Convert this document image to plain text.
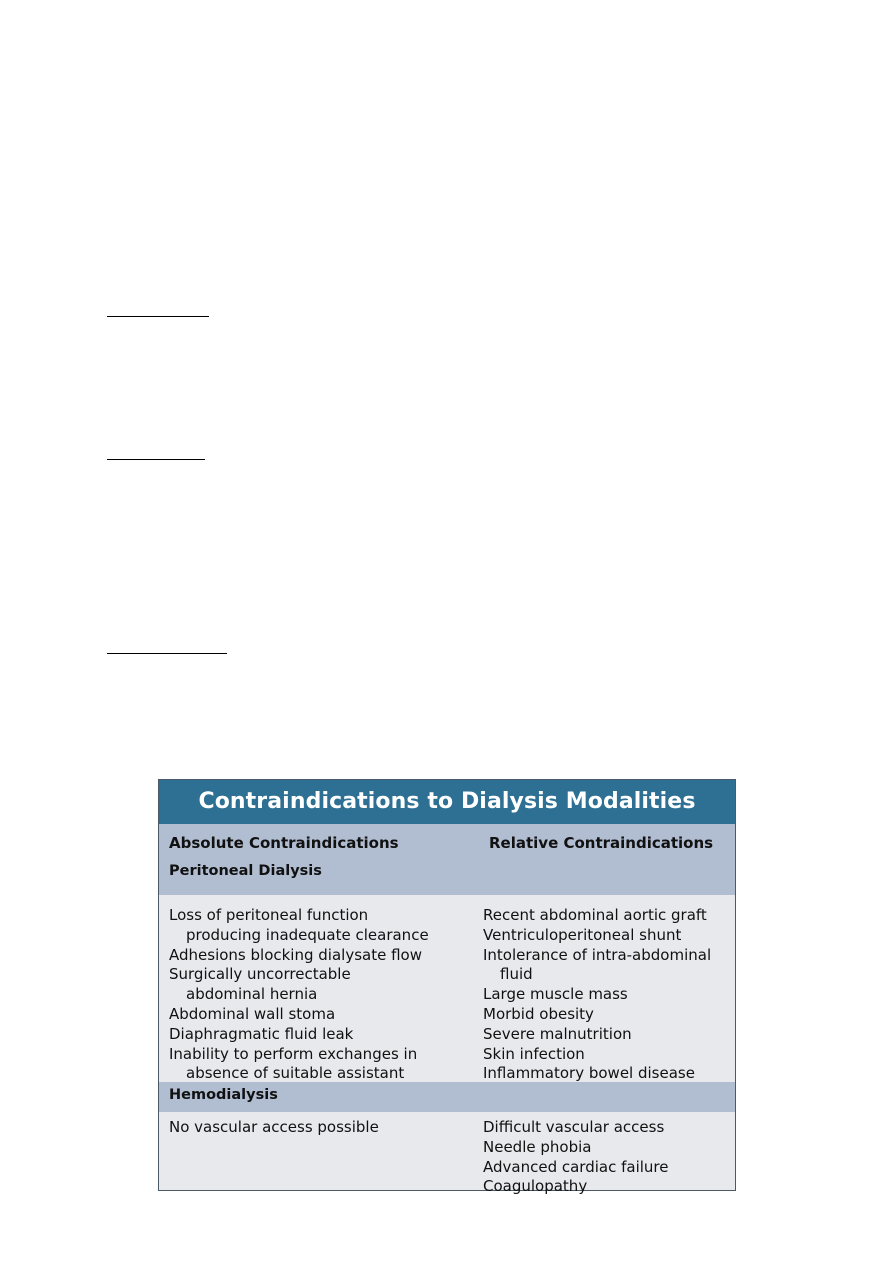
Contraindications to Dialysis Modalities
Absolute Contraindications	Relative Contraindications
Peritoneal Dialysis
Loss of peritoneal function
producing inadequate clearance
Adhesions blocking dialysate flow
Surgically uncorrectable
abdominal hernia
Abdominal wall stoma
Diaphragmatic fluid leak
Inability to perform exchanges in
absence of suitable assistant
Recent abdominal aortic graft
Ventriculoperitoneal shunt
Intolerance of intra-abdominal
fluid
Large muscle mass
Morbid obesity
Severe malnutrition
Skin infection
Inflammatory bowel disease
Hemodialysis
No vascular access possible	Difficult vascular access
Needle phobia
Advanced cardiac failure
Coagulopathy
